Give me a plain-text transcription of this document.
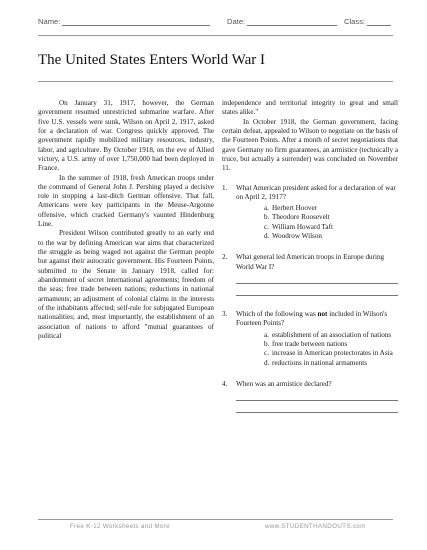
Name:	Date:	Class:
The United States Enters World War I

On January 31, 1917, however, the German government resumed unrestricted submarine warfare. After five U.S. vessels were sunk, Wilson on April 2, 1917, asked for a declaration of war. Congress quickly approved. The government rapidly mobilized military resources, industry, labor, and agriculture. By October 1918, on the eve of Allied victory, a U.S. army of over 1,750,000 had been deployed in France.

In the summer of 1918, fresh American troops under the command of General John J. Pershing played a decisive role in stopping a last-ditch German offensive. That fall, Americans were key participants in the Meuse-Argonne offensive, which cracked Germany's vaunted Hindenburg Line.

President Wilson contributed greatly to an early end to the war by defining American war aims that characterized the struggle as being waged not against the German people but against their autocratic government. His Fourteen Points, submitted to the Senate in January 1918, called for: abandonment of secret international agreements; freedom of the seas; free trade between nations; reductions in national armaments; an adjustment of colonial claims in the interests of the inhabitants affected; self-rule for subjugated European nationalities; and, most importantly, the establishment of an association of nations to afford "mutual guarantees of political

independence and territorial integrity to great and small states alike."

In October 1918, the German government, facing certain defeat, appealed to Wilson to negotiate on the basis of the Fourteen Points. After a month of secret negotiations that gave Germany no firm guarantees, an armistice (technically a truce, but actually a surrender) was concluded on November 11.

1. What American president asked for a declaration of war on April 2, 1917?
a. Herbert Hoover
b. Theodore Roosevelt
c. William Howard Taft
d. Woodrow Wilson
2. What general led American troops in Europe during World War I?
3. Which of the following was not included in Wilson's Fourteen Points?
a. establishment of an association of nations
b. free trade between nations
c. increase in American protectorates in Asia
d. reductions in national armaments
4. When was an armistice declared?
Free K-12 Worksheets and More	www.STUDENTHANDOUTS.com
